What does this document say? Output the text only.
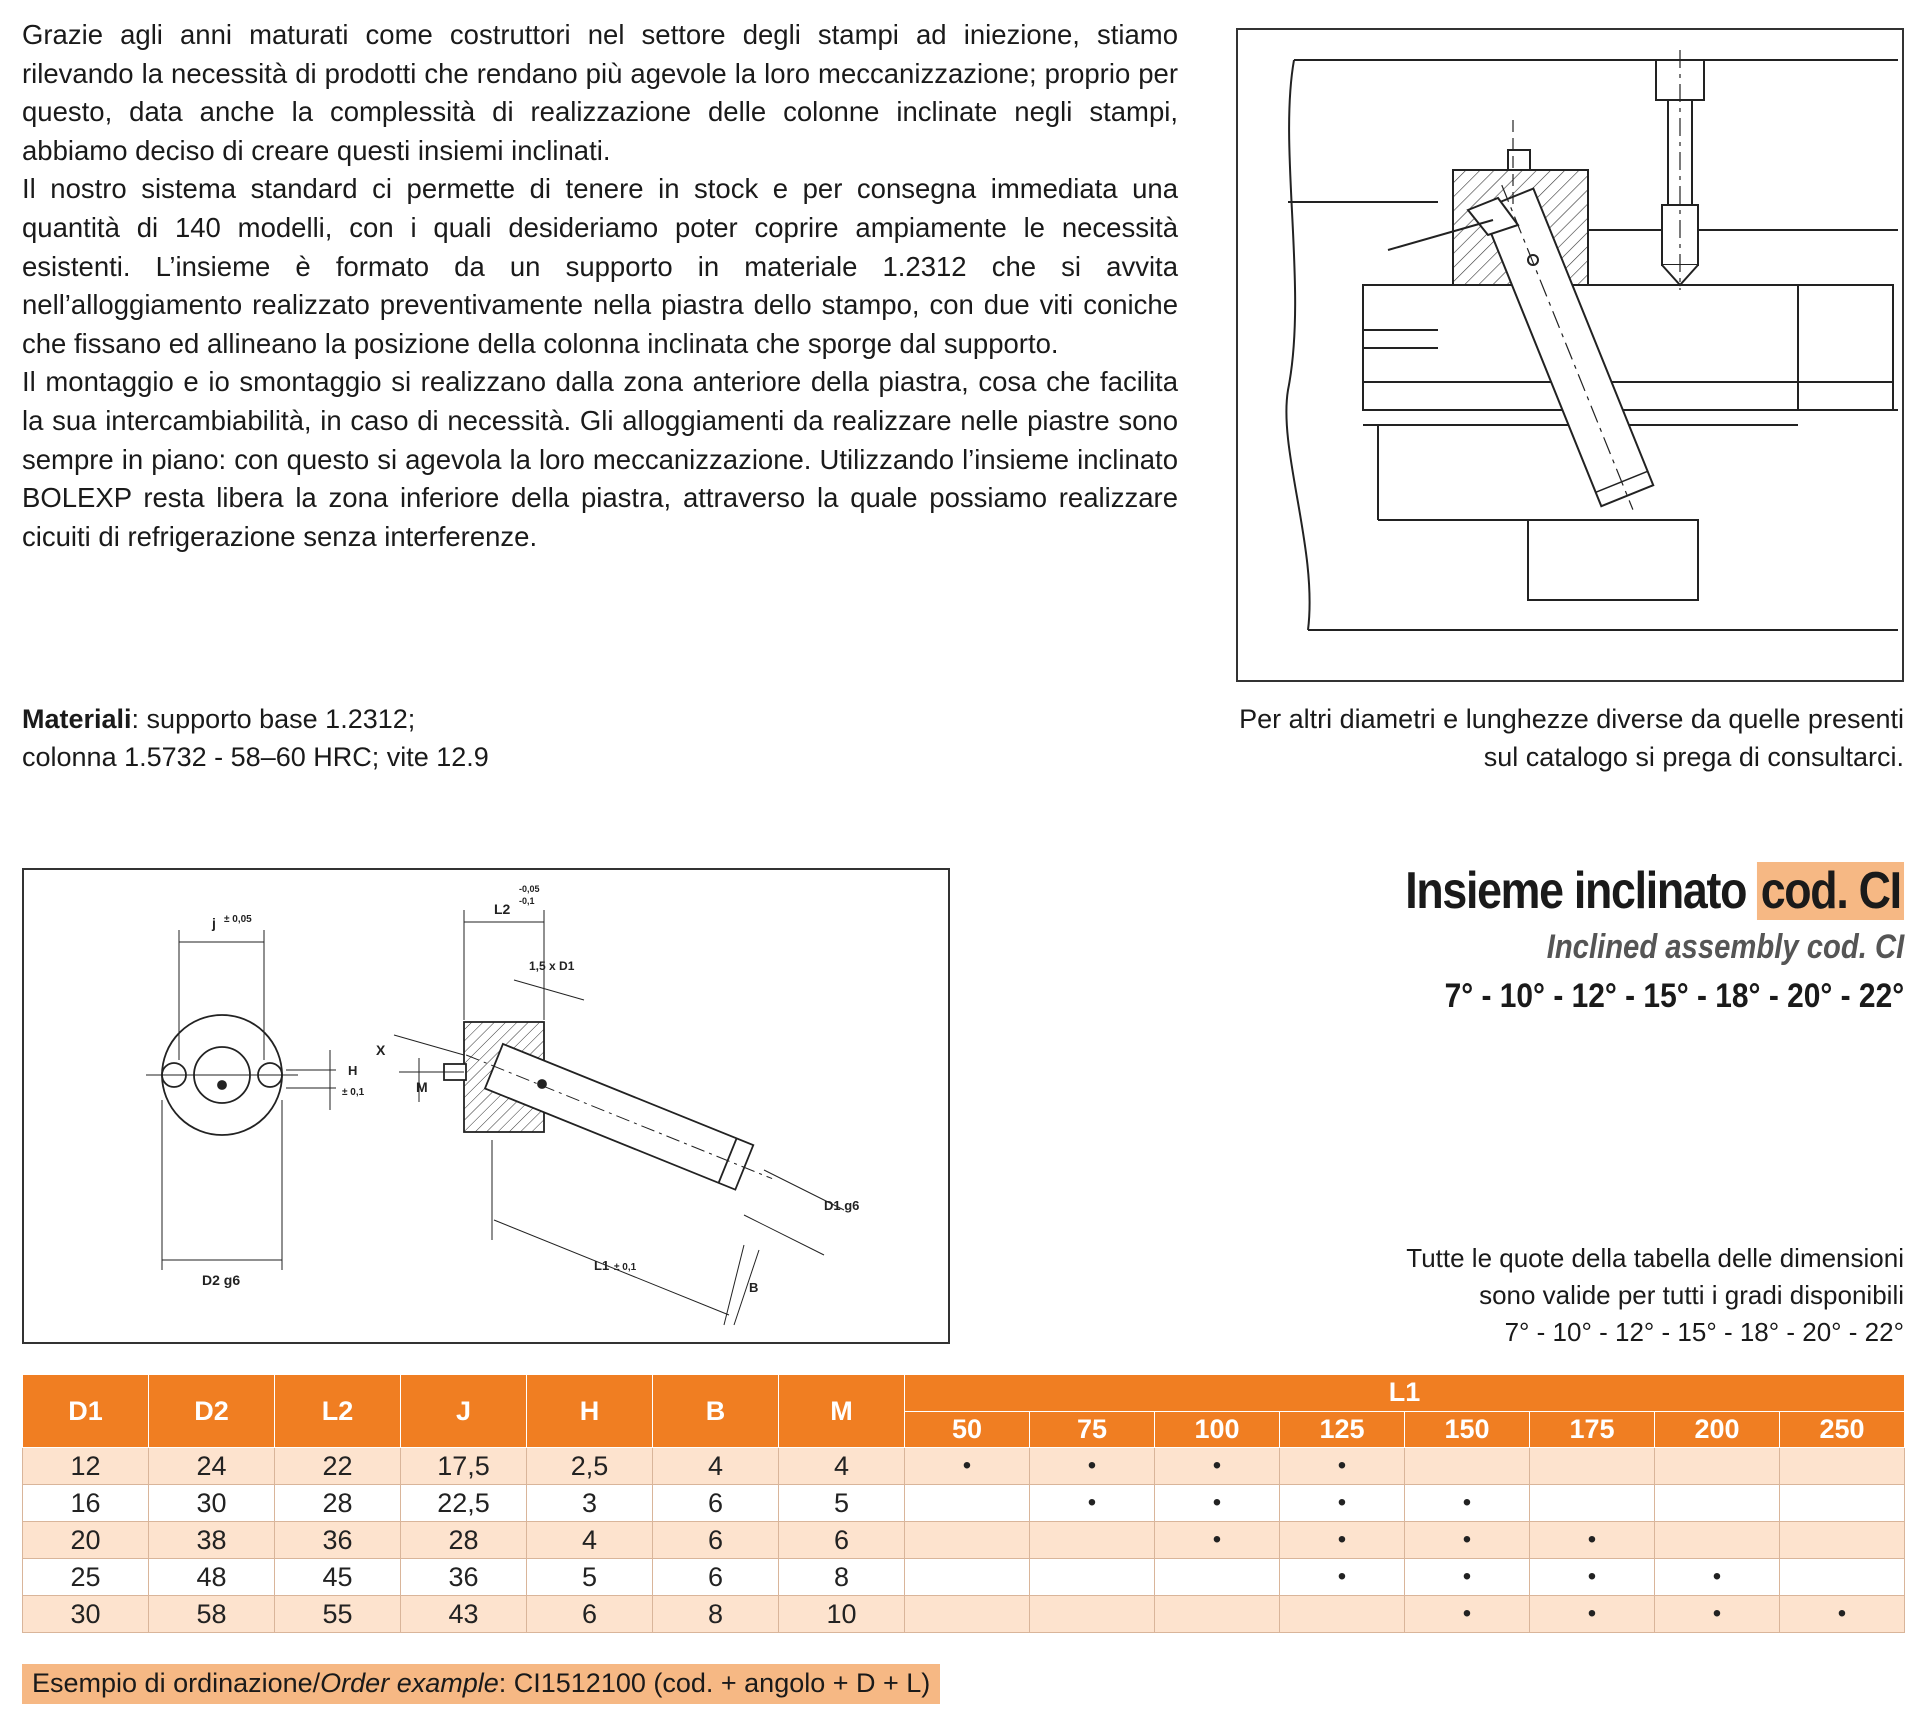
Grazie agli anni maturati come costruttori nel settore degli stampi ad iniezione, stiamo rilevando la necessità di prodotti che rendano più agevole la loro meccanizzazione; proprio per questo, data anche la complessità di realizzazione delle colonne inclinate negli stampi, abbiamo deciso di creare questi insiemi inclinati.

Il nostro sistema standard ci permette di tenere in stock e per consegna immediata una quantità di 140 modelli, con i quali desideriamo poter coprire ampiamente le necessità esistenti. L’insieme è formato da un supporto in materiale 1.2312 che si avvita nell’alloggiamento realizzato preventivamente nella piastra dello stampo, con due viti coniche che fissano ed allineano la posizione della colonna inclinata che sporge dal supporto.

Il montaggio e io smontaggio si realizzano dalla zona anteriore della piastra, cosa che facilita la sua intercambiabilità, in caso di necessità. Gli alloggiamenti da realizzare nelle piastre sono sempre in piano: con questo si agevola la loro meccanizzazione. Utilizzando l’insieme inclinato BOLEXP resta libera la zona inferiore della piastra, attraverso la quale possiamo realizzare cicuiti di refrigerazione senza interferenze.

Materiali: supporto base 1.2312;
colonna 1.5732 - 58–60 HRC; vite 12.9
Per altri diametri e lunghezze diverse da quelle presenti
sul catalogo si prega di consultarci.
j ± 0,05
D2 g6
H
± 0,1
L2
-0,05
-0,1
1,5 x D1
X
M
D1 g6
L1 ± 0,1
B
Insieme inclinato cod. CI
Inclined assembly cod. CI
7° - 10° - 12° - 15° - 18° - 20° - 22°
Tutte le quote della tabella delle dimensioni
sono valide per tutti i gradi disponibili
7° - 10° - 12° - 15° - 18° - 20° - 22°
D1	D2	L2	J	H	B	M	L1							
							50	75	100	125	150	175	200	250
12	24	22	17,5	2,5	4	4	•	•	•	•				
16	30	28	22,5	3	6	5		•	•	•	•			
20	38	36	28	4	6	6			•	•	•	•		
25	48	45	36	5	6	8				•	•	•	•	
30	58	55	43	6	8	10					•	•	•	•
Esempio di ordinazione/Order example: CI1512100 (cod. + angolo + D + L)
